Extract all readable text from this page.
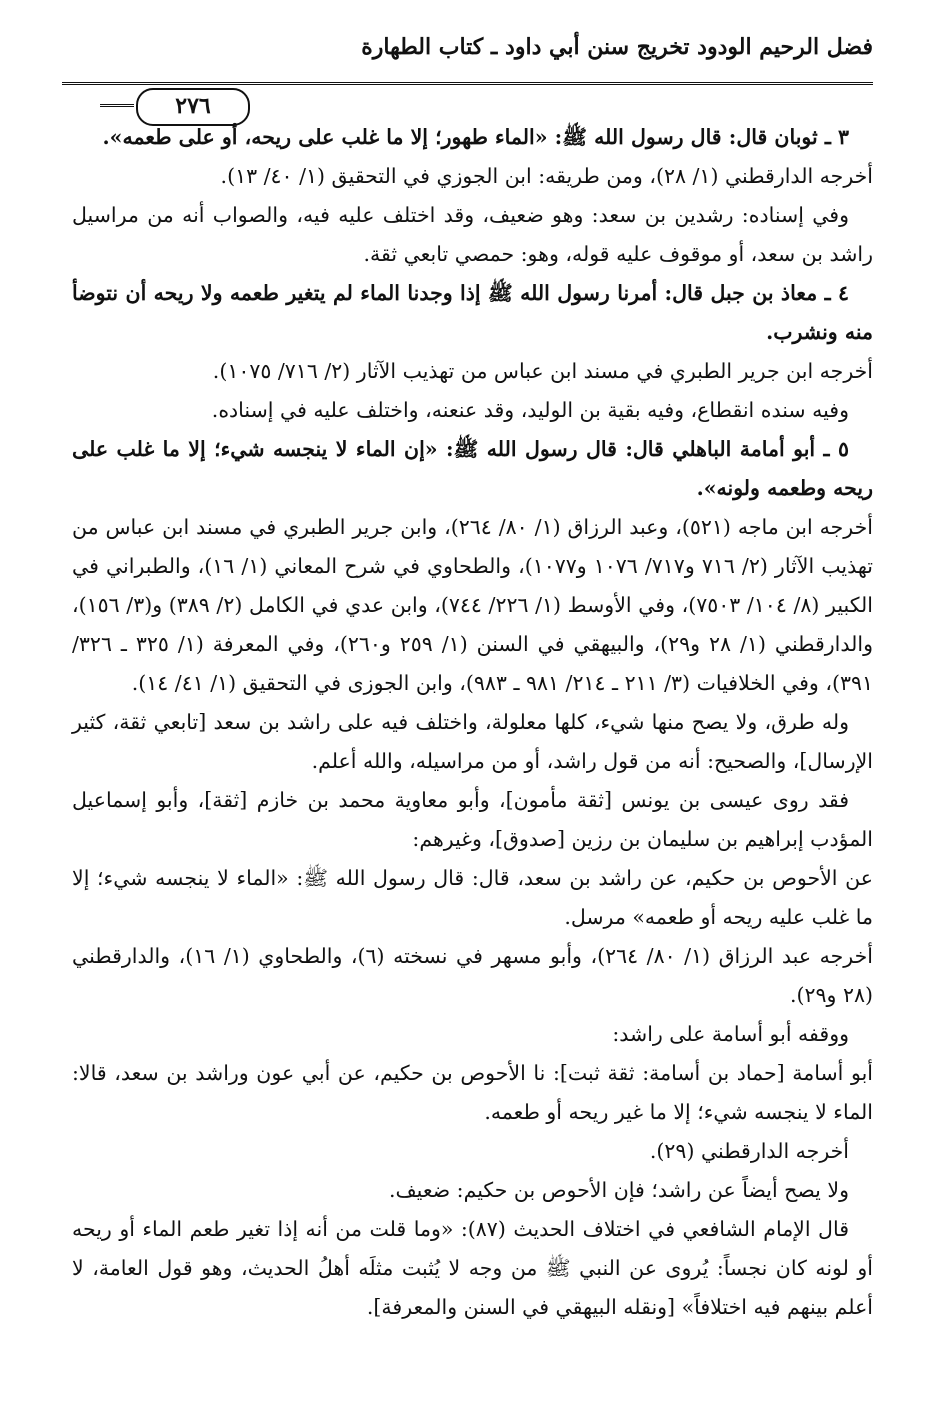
فضل الرحيم الودود تخريج سنن أبي داود ـ كتاب الطهارة
٢٧٦

٣ ـ ثوبان قال: قال رسول الله ﷺ: «الماء طهور؛ إلا ما غلب على ريحه، أو على طعمه».

أخرجه الدارقطني (١/ ٢٨)، ومن طريقه: ابن الجوزي في التحقيق (١/ ٤٠/ ١٣).

وفي إسناده: رشدين بن سعد: وهو ضعيف، وقد اختلف عليه فيه، والصواب أنه من مراسيل راشد بن سعد، أو موقوف عليه قوله، وهو: حمصي تابعي ثقة.

٤ ـ معاذ بن جبل قال: أمرنا رسول الله ﷺ إذا وجدنا الماء لم يتغير طعمه ولا ريحه أن نتوضأ منه ونشرب.

أخرجه ابن جرير الطبري في مسند ابن عباس من تهذيب الآثار (٢/ ٧١٦/ ١٠٧٥).

وفيه سنده انقطاع، وفيه بقية بن الوليد، وقد عنعنه، واختلف عليه في إسناده.

٥ ـ أبو أمامة الباهلي قال: قال رسول الله ﷺ: «إن الماء لا ينجسه شيء؛ إلا ما غلب على ريحه وطعمه ولونه».

أخرجه ابن ماجه (٥٢١)، وعبد الرزاق (١/ ٨٠/ ٢٦٤)، وابن جرير الطبري في مسند ابن عباس من تهذيب الآثار (٢/ ٧١٦ و٧١٧/ ١٠٧٦ و١٠٧٧)، والطحاوي في شرح المعاني (١/ ١٦)، والطبراني في الكبير (٨/ ١٠٤/ ٧٥٠٣)، وفي الأوسط (١/ ٢٢٦/ ٧٤٤)، وابن عدي في الكامل (٢/ ٣٨٩) و(٣/ ١٥٦)، والدارقطني (١/ ٢٨ و٢٩)، والبيهقي في السنن (١/ ٢٥٩ و٢٦٠)، وفي المعرفة (١/ ٣٢٥ ـ ٣٢٦/ ٣٩١)، وفي الخلافيات (٣/ ٢١١ ـ ٢١٤/ ٩٨١ ـ ٩٨٣)، وابن الجوزى في التحقيق (١/ ٤١/ ١٤).

وله طرق، ولا يصح منها شيء، كلها معلولة، واختلف فيه على راشد بن سعد [تابعي ثقة، كثير الإرسال]، والصحيح: أنه من قول راشد، أو من مراسيله، والله أعلم.

فقد روى عيسى بن يونس [ثقة مأمون]، وأبو معاوية محمد بن خازم [ثقة]، وأبو إسماعيل المؤدب إبراهيم بن سليمان بن رزين [صدوق]، وغيرهم:

عن الأحوص بن حكيم، عن راشد بن سعد، قال: قال رسول الله ﷺ: «الماء لا ينجسه شيء؛ إلا ما غلب عليه ريحه أو طعمه» مرسل.

أخرجه عبد الرزاق (١/ ٨٠/ ٢٦٤)، وأبو مسهر في نسخته (٦)، والطحاوي (١/ ١٦)، والدارقطني (٢٨ و٢٩).

ووقفه أبو أسامة على راشد:

أبو أسامة [حماد بن أسامة: ثقة ثبت]: نا الأحوص بن حكيم، عن أبي عون وراشد بن سعد، قالا: الماء لا ينجسه شيء؛ إلا ما غير ريحه أو طعمه.

أخرجه الدارقطني (٢٩).

ولا يصح أيضاً عن راشد؛ فإن الأحوص بن حكيم: ضعيف.

قال الإمام الشافعي في اختلاف الحديث (٨٧): «وما قلت من أنه إذا تغير طعم الماء أو ريحه أو لونه كان نجساً: يُروى عن النبي ﷺ من وجه لا يُثبت مثلَه أهلُ الحديث، وهو قول العامة، لا أعلم بينهم فيه اختلافاً» [ونقله البيهقي في السنن والمعرفة].
